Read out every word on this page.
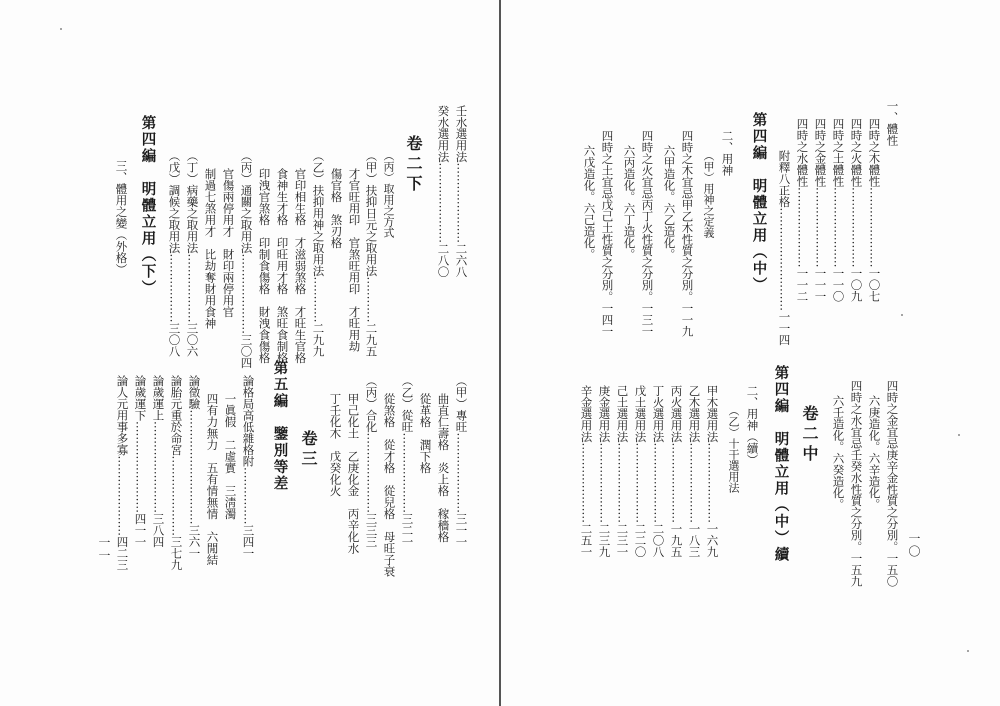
一一
壬水選用法…………………二六八
癸水選用法…………………二八〇
卷二下
（丙）取用之方式
（甲）扶抑日元之取用法…………二九五
才官旺用印　官煞旺用印　才旺用劫
傷官格　煞刃格
（乙）扶抑用神之取用法…………二九九
官印相生格　才滋弱煞格　才旺生官格
食神生才格　印旺用才格　煞旺食制格
印洩官煞格　印制食傷格　財洩食傷格
（丙）通關之取用法…………………三〇四
官傷兩停用才　財印兩停用官
制過七煞用才　比劫奪財用食神
（丁）病藥之取用法………………三〇六
（戊）調候之取用法………………三〇八
第四編　明體立用（下）
三、體用之變（外格）
（甲）專旺…………………三一一
曲直仁壽格　炎上格　稼穡格
從革格　潤下格
（乙）從旺…………………三二一
從煞格　從才格　從兒格　母旺子衰
（丙）合化…………………三三三
甲己化土　乙庚化金　丙辛化水
丁壬化木　戊癸化火
卷三
第五編　鑒別等差
論格局高低雜格附……………三四一
一眞假　二虛實　三淸濁
四有力無力　五有情無情　六閒結
論徵驗…………………………三六一
論胎元重於命宮…………………三七九
論歲運上……………………三八四
論歲運下……………………四一一
論人元用事多寡…………………四二三	一〇
一、體性
四時之木體性…………………一〇七
四時之火體性…………………一〇九
四時之土體性…………………一一〇
四時之金體性…………………一一一
四時之水體性…………………一一二
附釋八正格………………………一一四
第四編　明體立用（中）
二、用神
（甲）用神之定義
四時之木宜忌甲乙木性質之分別。一一九
六甲造化。六乙造化。
四時之火宜忌丙丁火性質之分別。一三一
六丙造化。六丁造化。
四時之土宜忌戊己土性質之分別。一四一
六戊造化。六己造化。
四時之金宜忌庚辛金性質之分別。一五〇
六庚造化。六辛造化。
四時之水宜忌壬癸水性質之分別。一五九
六壬造化。六癸造化。
卷二中
第四編　明體立用（中）續
二、用神（續）
（乙）十干選用法
甲木選用法…………………一六九
乙木選用法…………………一八三
丙火選用法…………………一九五
丁火選用法…………………二〇八
戊土選用法…………………二二〇
己土選用法…………………二三一
庚金選用法…………………二三九
辛金選用法…………………二五一
